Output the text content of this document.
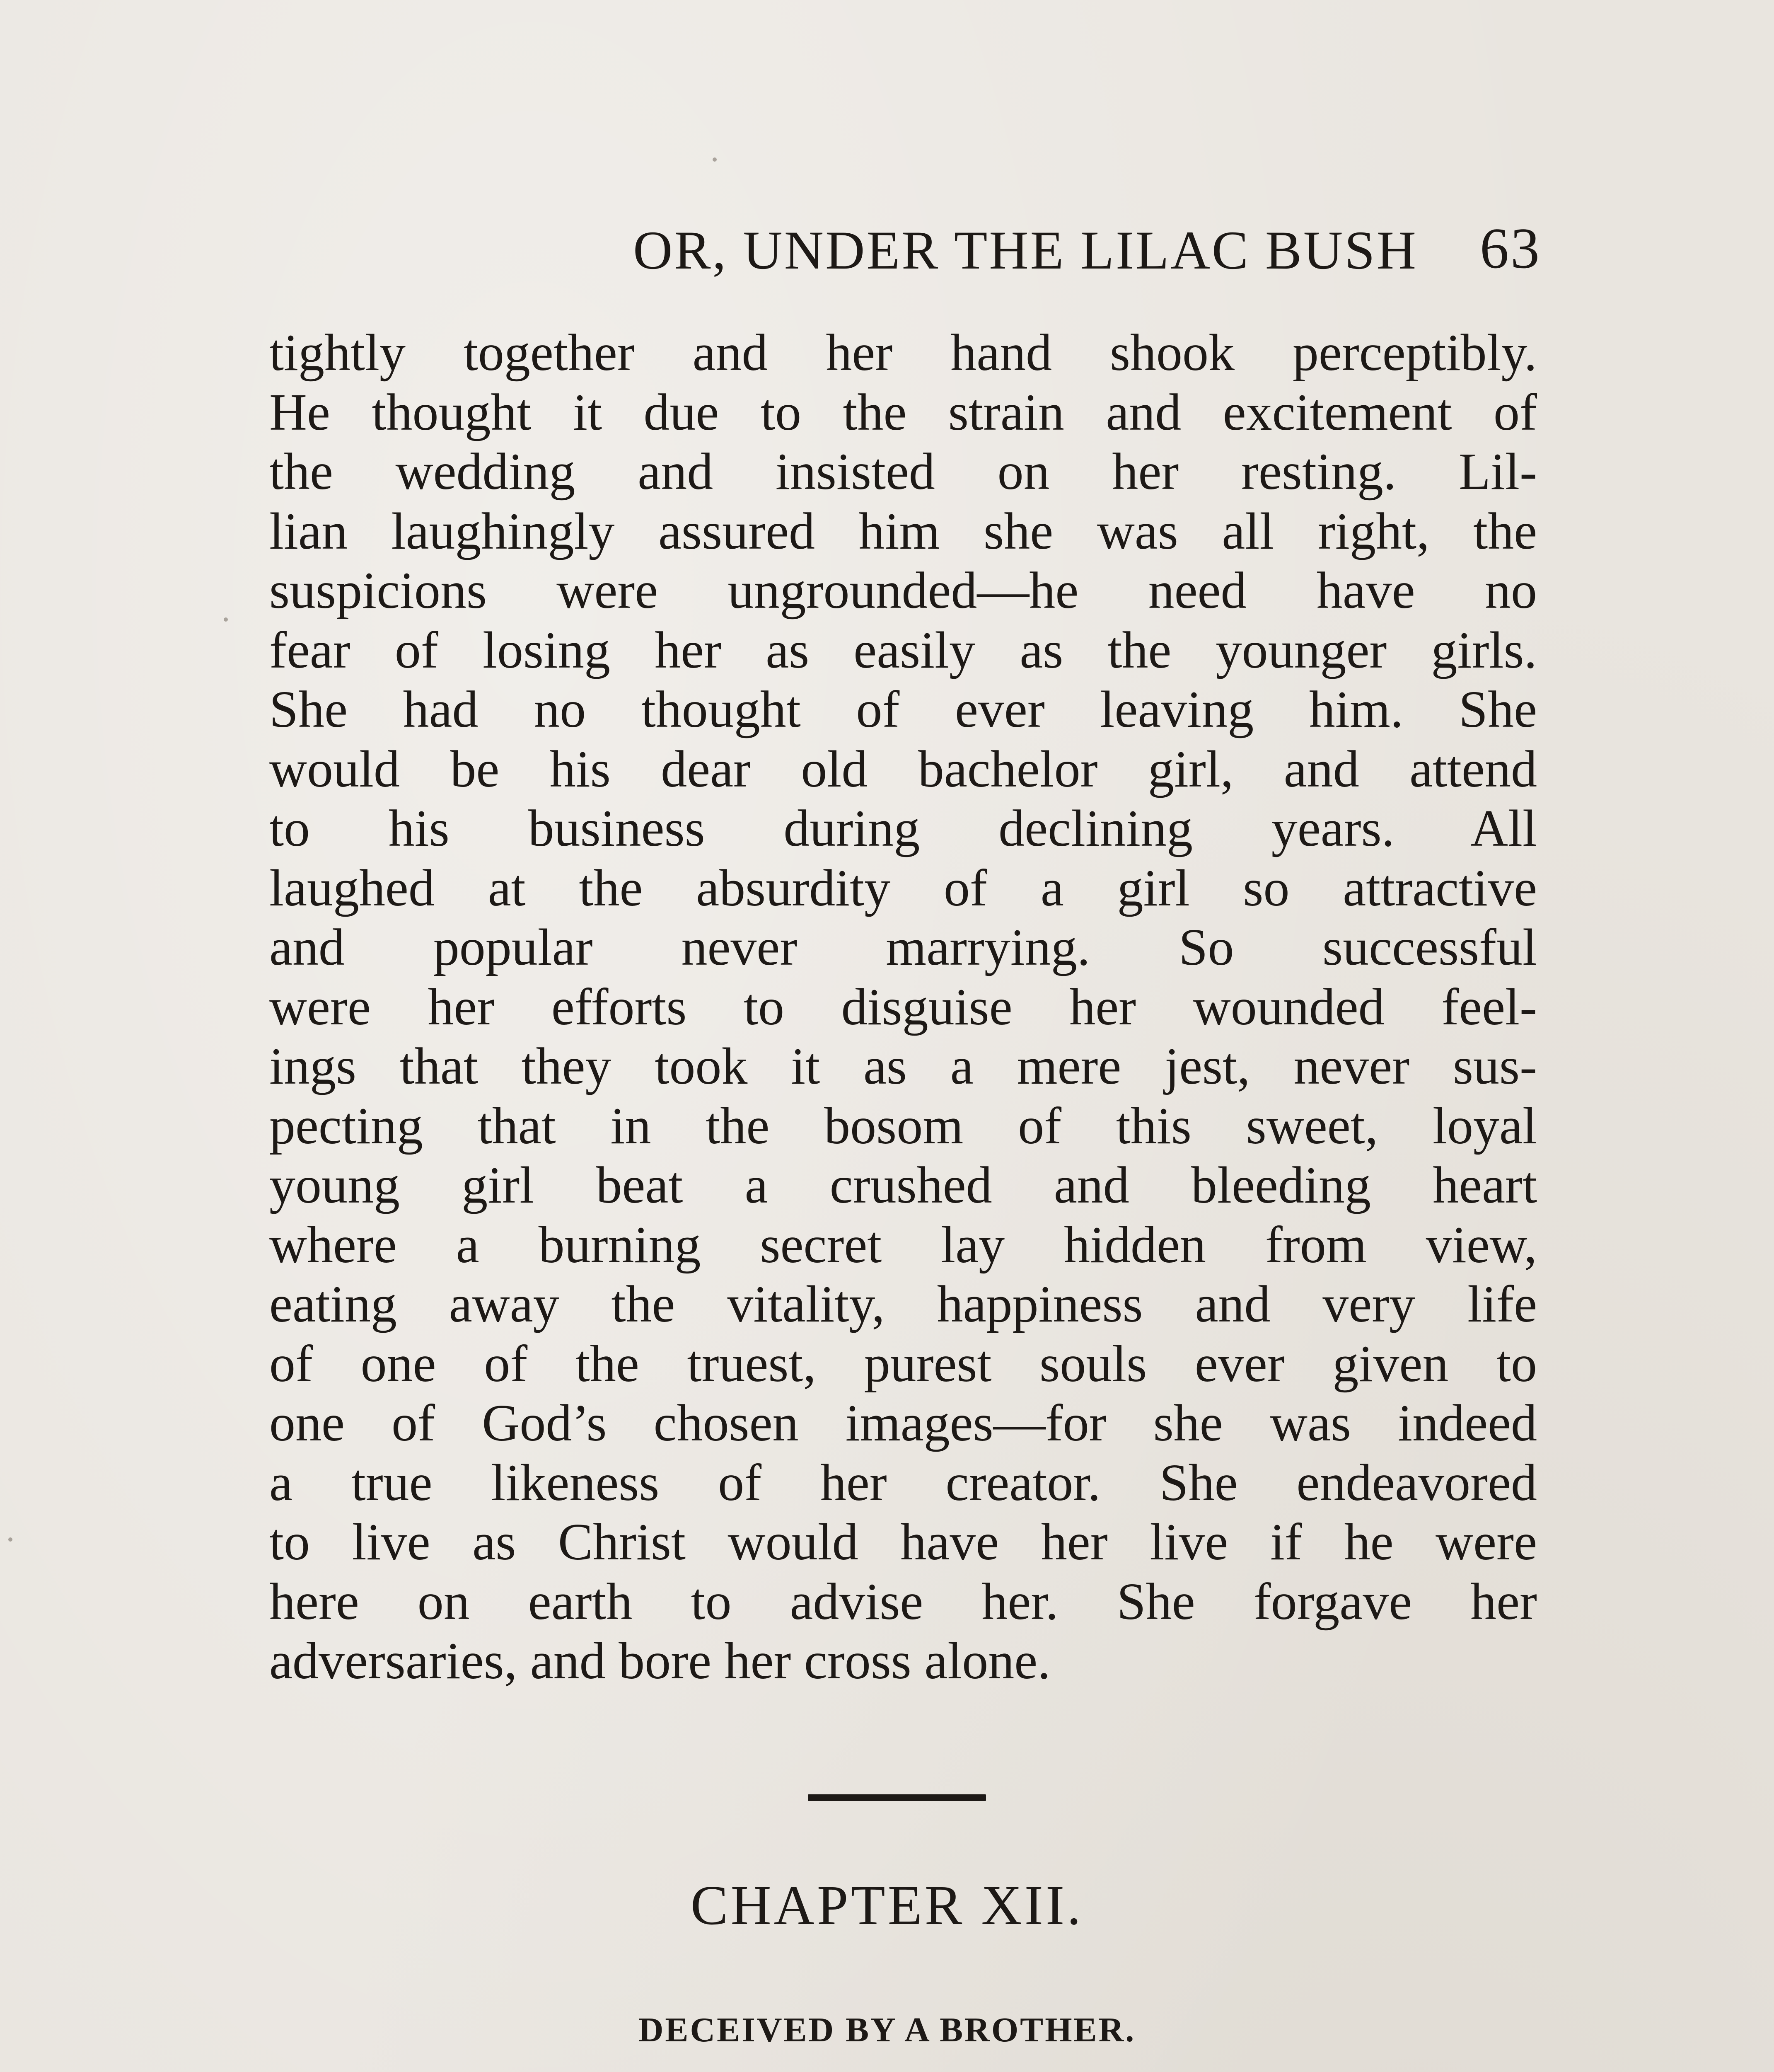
OR, UNDER THE LILAC BUSH 63
tightly together and her hand shook perceptibly.
He thought it due to the strain and excitement of
the wedding and insisted on her resting. Lil-
lian laughingly assured him she was all right, the
suspicions were ungrounded—he need have no
fear of losing her as easily as the younger girls.
She had no thought of ever leaving him. She
would be his dear old bachelor girl, and attend
to his business during declining years. All
laughed at the absurdity of a girl so attractive
and popular never marrying. So successful
were her efforts to disguise her wounded feel-
ings that they took it as a mere jest, never sus-
pecting that in the bosom of this sweet, loyal
young girl beat a crushed and bleeding heart
where a burning secret lay hidden from view,
eating away the vitality, happiness and very life
of one of the truest, purest souls ever given to
one of God’s chosen images—for she was indeed
a true likeness of her creator. She endeavored
to live as Christ would have her live if he were
here on earth to advise her. She forgave her
adversaries, and bore her cross alone.
CHAPTER XII.
DECEIVED BY A BROTHER.
